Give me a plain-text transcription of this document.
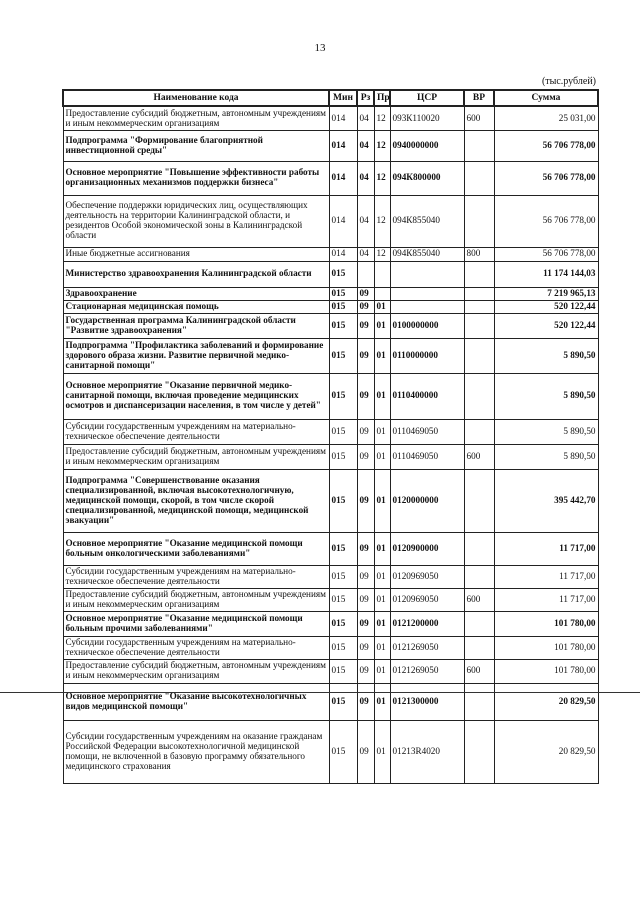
13
(тыс.рублей)
Наименование кода	Мин	Рз	Пр	ЦСР	ВР	Сумма
Предоставление субсидий бюджетным, автономным учреждениям и иным некоммерческим организациям	014	04	12	093К110020	600	25 031,00
Подпрограмма "Формирование благоприятной инвестиционной среды"	014	04	12	0940000000		56 706 778,00
Основное мероприятие "Повышение эффективности работы организационных механизмов поддержки бизнеса"	014	04	12	094К800000		56 706 778,00
Обеспечение поддержки юридических лиц, осуществляющих деятельность на территории Калининградской области, и резидентов Особой экономической зоны в Калининградской области	014	04	12	094К855040		56 706 778,00
Иные бюджетные ассигнования	014	04	12	094К855040	800	56 706 778,00
Министерство здравоохранения Калининградской области	015					11 174 144,03
Здравоохранение	015	09				7 219 965,13
Стационарная медицинская помощь	015	09	01			520 122,44
Государственная программа Калининградской области "Развитие здравоохранения"	015	09	01	0100000000		520 122,44
Подпрограмма "Профилактика заболеваний и формирование здорового образа жизни. Развитие первичной медико-санитарной помощи"	015	09	01	0110000000		5 890,50
Основное мероприятие "Оказание первичной медико-санитарной помощи, включая проведение медицинских осмотров и диспансеризации населения, в том числе у детей"	015	09	01	0110400000		5 890,50
Субсидии государственным учреждениям на материально-техническое обеспечение деятельности	015	09	01	0110469050		5 890,50
Предоставление субсидий бюджетным, автономным учреждениям и иным некоммерческим организациям	015	09	01	0110469050	600	5 890,50
Подпрограмма "Совершенствование оказания специализированной, включая высокотехнологичную, медицинской помощи, скорой, в том числе скорой специализированной, медицинской помощи, медицинской эвакуации"	015	09	01	0120000000		395 442,70
Основное мероприятие "Оказание медицинской помощи больным онкологическими заболеваниями"	015	09	01	0120900000		11 717,00
Субсидии государственным учреждениям на материально-техническое обеспечение деятельности	015	09	01	0120969050		11 717,00
Предоставление субсидий бюджетным, автономным учреждениям и иным некоммерческим организациям	015	09	01	0120969050	600	11 717,00
Основное мероприятие "Оказание медицинской помощи больным прочими заболеваниями"	015	09	01	0121200000		101 780,00
Субсидии государственным учреждениям на материально-техническое обеспечение деятельности	015	09	01	0121269050		101 780,00
Предоставление субсидий бюджетным, автономным учреждениям и иным некоммерческим организациям	015	09	01	0121269050	600	101 780,00
Основное мероприятие "Оказание высокотехнологичных видов медицинской помощи"	015	09	01	0121300000		20 829,50
Субсидии государственным учреждениям на оказание гражданам Российской Федерации высокотехнологичной медицинской помощи, не включенной в базовую программу обязательного медицинского страхования	015	09	01	01213R4020		20 829,50
